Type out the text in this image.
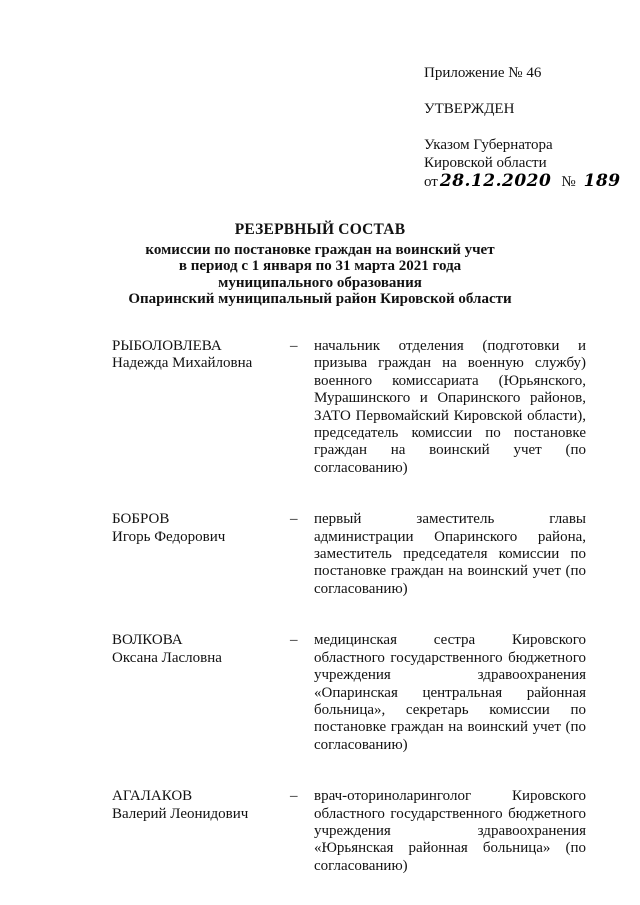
Приложение № 46
УТВЕРЖДЕН
Указом Губернатора
Кировской области
от 28.12.2020 № 189
РЕЗЕРВНЫЙ СОСТАВ
комиссии по постановке граждан на воинский учет
в период с 1 января по 31 марта 2021 года
муниципального образования
Опаринский муниципальный район Кировской области
РЫБОЛОВЛЕВА
Надежда Михайловна
–	начальник отделения (подготовки и призыва граждан на военную службу) военного комиссариата (Юрьянского, Мурашинского и Опаринского районов, ЗАТО Первомайский Кировской области), председатель комиссии по постановке граждан на воинский учет (по согласованию)
БОБРОВ
Игорь Федорович
–	первый заместитель главы администрации Опаринского района, заместитель председателя комиссии по постановке граждан на воинский учет (по согласованию)
ВОЛКОВА
Оксана Ласловна
–	медицинская сестра Кировского областного государственного бюджетного учреждения здравоохранения «Опаринская центральная районная больница», секретарь комиссии по постановке граждан на воинский учет (по согласованию)
АГАЛАКОВ
Валерий Леонидович
–	врач-оториноларинголог Кировского областного государственного бюджетного учреждения здравоохранения «Юрьянская районная больница» (по согласованию)
